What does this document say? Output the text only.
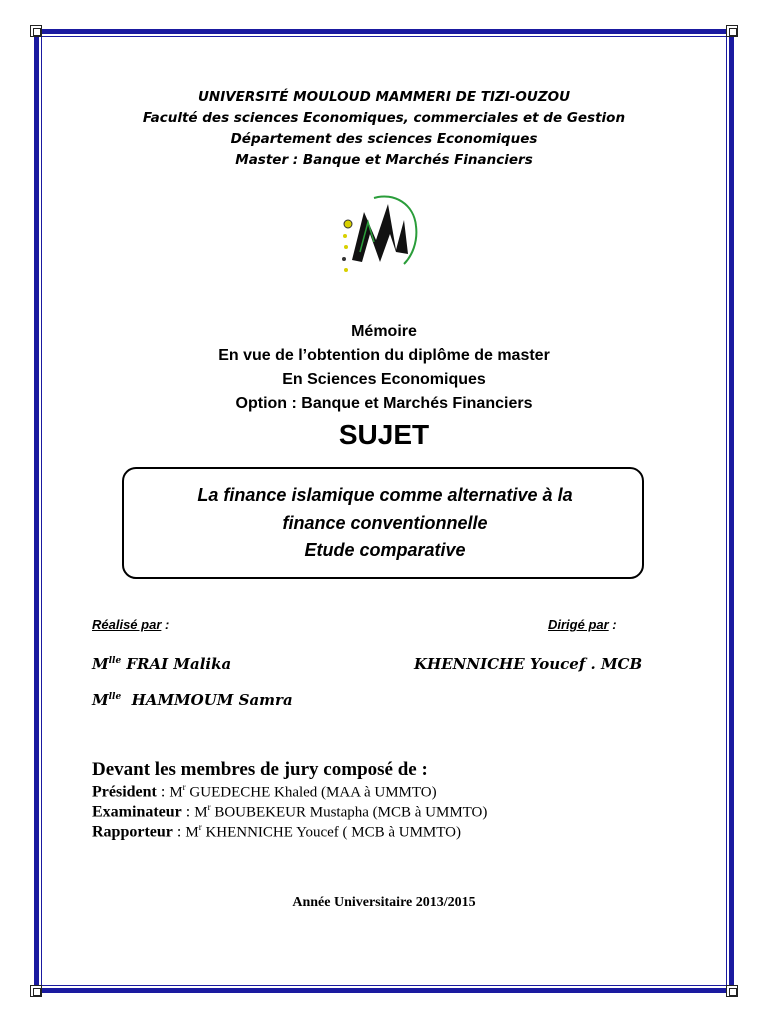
UNIVERSITÉ MOULOUD MAMMERI DE TIZI-OUZOU
Faculté des sciences Economiques, commerciales et de Gestion
Département des sciences Economiques
Master : Banque et Marchés Financiers
Mémoire
En vue de l’obtention du diplôme de master
En Sciences Economiques
Option : Banque et Marchés Financiers
SUJET
La finance islamique comme alternative à la
finance conventionnelle
Etude comparative
Réalisé par :	Dirigé par :
$M^{lle}$ FRAI Malika	KHENNICHE Youcef . MCB
$M^{lle}$  HAMMOUM Samra
Devant les membres de jury composé de :
Président : $M^r$ GUEDECHE Khaled (MAA à UMMTO)
Examinateur : $M^r$ BOUBEKEUR Mustapha (MCB à UMMTO)
Rapporteur : $M^r$ KHENNICHE Youcef ( MCB à UMMTO)
Année Universitaire 2013/2015
